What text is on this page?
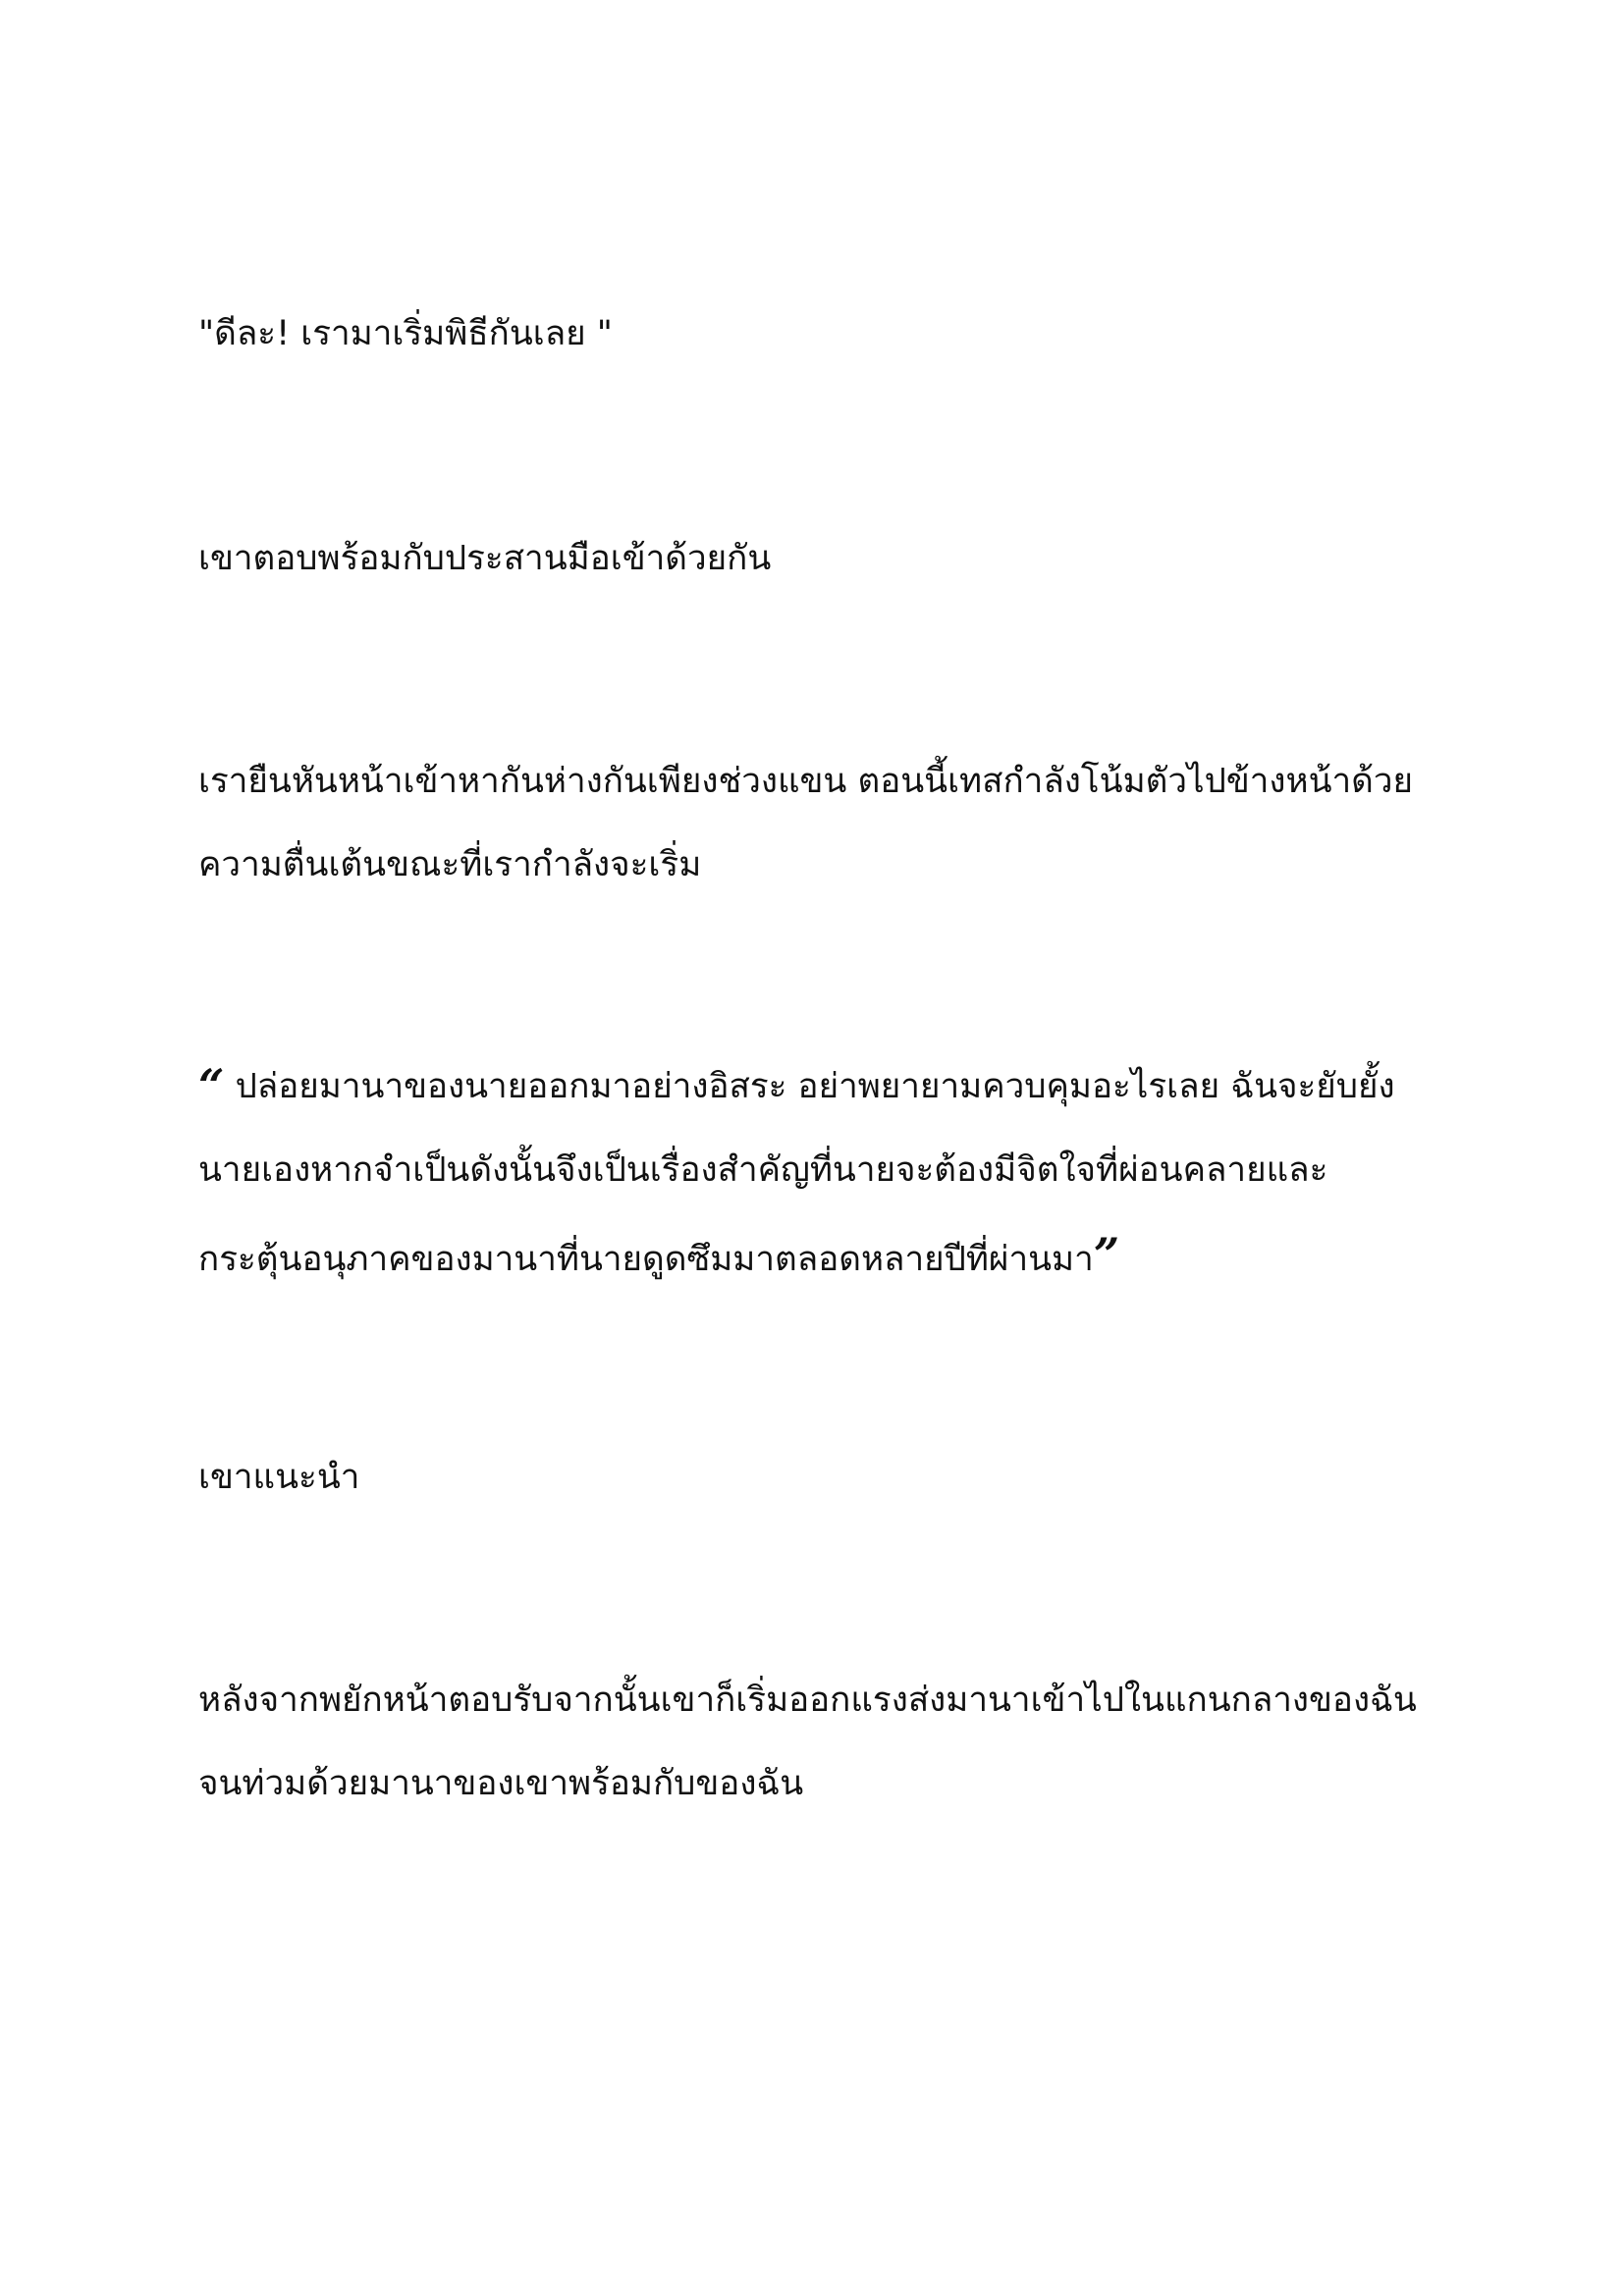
"ดีละ! เรามาเริ่มพิธีกันเลย "
เขาตอบพร้อมกับประสานมือเข้าด้วยกัน
เรายืนหันหน้าเข้าหากันห่างกันเพียงช่วงแขน ตอนนี้เทสกำลังโน้มตัวไปข้างหน้าด้วย
ความตื่นเต้นขณะที่เรากำลังจะเริ่ม
“ ปล่อยมานาของนายออกมาอย่างอิสระ อย่าพยายามควบคุมอะไรเลย ฉันจะยับยั้ง
นายเองหากจำเป็นดังนั้นจึงเป็นเรื่องสำคัญที่นายจะต้องมีจิตใจที่ผ่อนคลายและ
กระตุ้นอนุภาคของมานาที่นายดูดซึมมาตลอดหลายปีที่ผ่านมา”
เขาแนะนำ
หลังจากพยักหน้าตอบรับจากนั้นเขาก็เริ่มออกแรงส่งมานาเข้าไปในแกนกลางของฉัน
จนท่วมด้วยมานาของเขาพร้อมกับของฉัน
